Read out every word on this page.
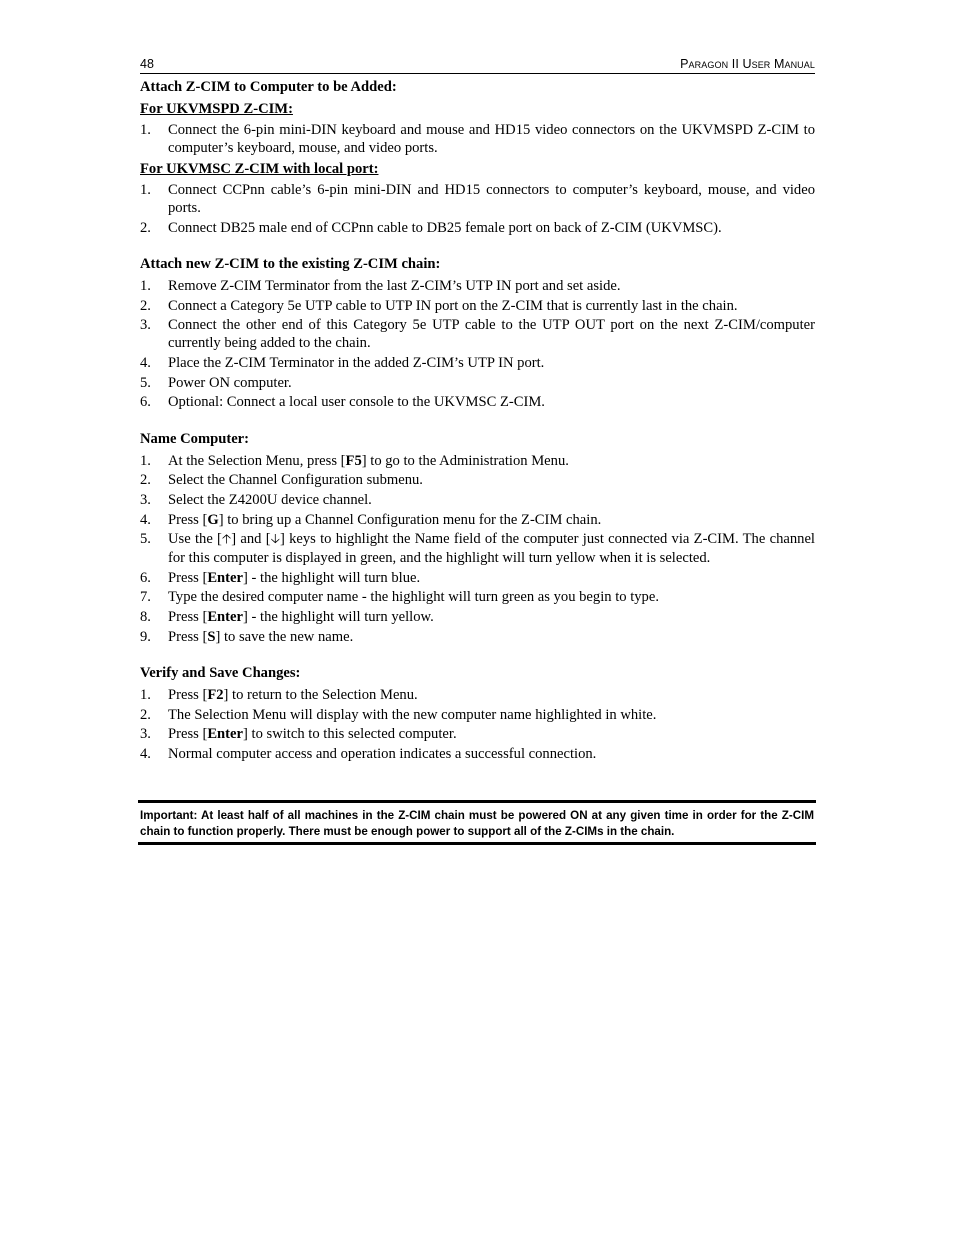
48	Paragon II User Manual

Attach Z-CIM to Computer to be Added:

For UKVMSPD Z-CIM:

1. Connect the 6-pin mini-DIN keyboard and mouse and HD15 video connectors on the UKVMSPD Z-CIM to computer’s keyboard, mouse, and video ports.

For UKVMSC Z-CIM with local port:

1. Connect CCPnn cable’s 6-pin mini-DIN and HD15 connectors to computer’s keyboard, mouse, and video ports.
2. Connect DB25 male end of CCPnn cable to DB25 female port on back of Z-CIM (UKVMSC).

Attach new Z-CIM to the existing Z-CIM chain:

1. Remove Z-CIM Terminator from the last Z-CIM’s UTP IN port and set aside.
2. Connect a Category 5e UTP cable to UTP IN port on the Z-CIM that is currently last in the chain.
3. Connect the other end of this Category 5e UTP cable to the UTP OUT port on the next Z-CIM/computer currently being added to the chain.
4. Place the Z-CIM Terminator in the added Z-CIM’s UTP IN port.
5. Power ON computer.
6. Optional: Connect a local user console to the UKVMSC Z-CIM.

Name Computer:

1. At the Selection Menu, press [F5] to go to the Administration Menu.
2. Select the Channel Configuration submenu.
3. Select the Z4200U device channel.
4. Press [G] to bring up a Channel Configuration menu for the Z-CIM chain.
5. Use the [🡡] and [🡣] keys to highlight the Name field of the computer just connected via Z-CIM. The channel for this computer is displayed in green, and the highlight will turn yellow when it is selected.
6. Press [Enter] - the highlight will turn blue.
7. Type the desired computer name - the highlight will turn green as you begin to type.
8. Press [Enter] - the highlight will turn yellow.
9. Press [S] to save the new name.

Verify and Save Changes:

1. Press [F2] to return to the Selection Menu.
2. The Selection Menu will display with the new computer name highlighted in white.
3. Press [Enter] to switch to this selected computer.
4. Normal computer access and operation indicates a successful connection.
Important: At least half of all machines in the Z-CIM chain must be powered ON at any given time in order for the Z-CIM chain to function properly. There must be enough power to support all of the Z-CIMs in the chain.
